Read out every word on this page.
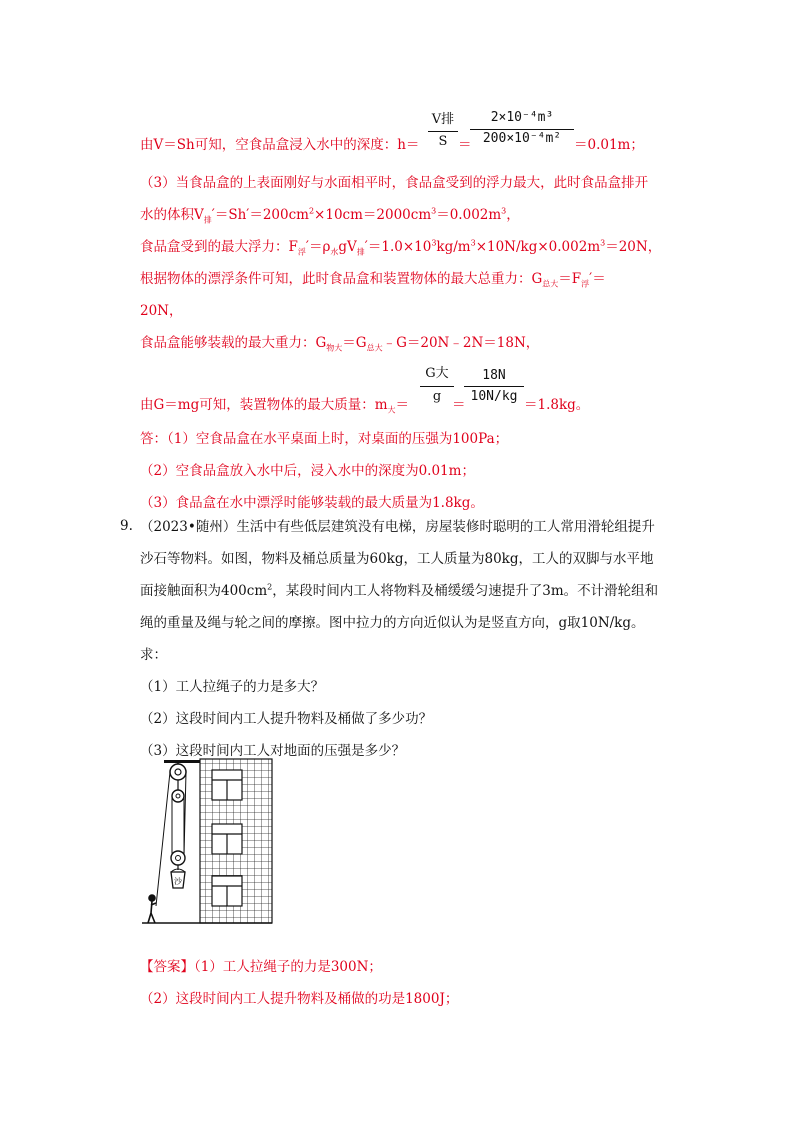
由V＝Sh可知，空食品盒浸入水中的深度：h＝
V排
S ＝
2×10⁻⁴m³
200×10⁻⁴m² ＝0.01m；
（3）当食品盒的上表面刚好与水面相平时，食品盒受到的浮力最大，此时食品盒排开
水的体积$V_排'=Sh'=200cm^2\times 10cm=2000cm^3=0.002m^3$，
食品盒受到的最大浮力：$F_浮'=\rho_水gV_排'=1.0\times 10^3kg/m^3\times 10N/kg\times 0.002m^3=20N$，
根据物体的漂浮条件可知，此时食品盒和装置物体的最大总重力：$G_{总大}=F_浮'=$
20N，
食品盒能够装载的最大重力：$G_{物大}=G_{总大}﹣G=20N﹣2N=18N$，
由G＝mg可知，装置物体的最大质量：$m_大=$
G大
g
＝
18N
10N/kg
＝1.8kg。
答：（1）空食品盒在水平桌面上时，对桌面的压强为100Pa；
（2）空食品盒放入水中后，浸入水中的深度为0.01m；
（3）食品盒在水中漂浮时能够装载的最大质量为1.8kg。
9. （2023•随州）生活中有些低层建筑没有电梯，房屋装修时聪明的工人常用滑轮组提升
沙石等物料。如图，物料及桶总质量为60kg，工人质量为80kg，工人的双脚与水平地
面接触面积为$400cm^2$，某段时间内工人将物料及桶缓缓匀速提升了3m。不计滑轮组和
绳的重量及绳与轮之间的摩擦。图中拉力的方向近似认为是竖直方向，g取10N/kg。
求：
（1）工人拉绳子的力是多大？
（2）这段时间内工人提升物料及桶做了多少功？
（3）这段时间内工人对地面的压强是多少？
沙
【答案】（1）工人拉绳子的力是300N；
（2）这段时间内工人提升物料及桶做的功是1800J；
